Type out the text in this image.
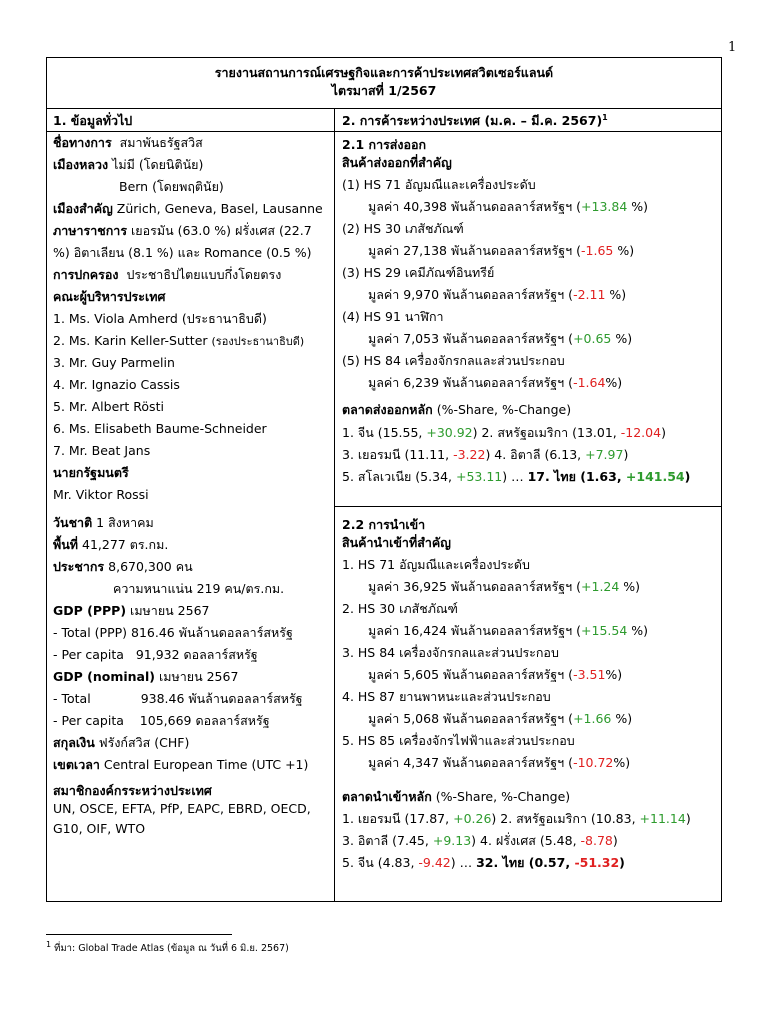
1
รายงานสถานการณ์เศรษฐกิจและการค้าประเทศสวิตเซอร์แลนด์
ไตรมาสที่ 1/2567
1. ข้อมูลทั่วไป	2. การค้าระหว่างประเทศ (ม.ค. – มี.ค. 2567)$^1$
ชื่อทางการ สมาพันธรัฐสวิส
เมืองหลวง ไม่มี (โดยนิตินัย)
Bern (โดยพฤตินัย)
เมืองสำคัญ Zürich, Geneva, Basel, Lausanne
ภาษาราชการ เยอรมัน (63.0 %) ฝรั่งเศส (22.7
%) อิตาเลียน (8.1 %) และ Romance (0.5 %)
การปกครอง ประชาธิปไตยแบบกึ่งโดยตรง
คณะผู้บริหารประเทศ
1. Ms. Viola Amherd (ประธานาธิบดี)
2. Ms. Karin Keller-Sutter (รองประธานาธิบดี)
3. Mr. Guy Parmelin
4. Mr. Ignazio Cassis
5. Mr. Albert Rösti
6. Ms. Elisabeth Baume-Schneider
7. Mr. Beat Jans
นายกรัฐมนตรี
Mr. Viktor Rossi
วันชาติ 1 สิงหาคม
พื้นที่ 41,277 ตร.กม.
ประชากร 8,670,300 คน
ความหนาแน่น 219 คน/ตร.กม.
GDP (PPP) เมษายน 2567
- Total (PPP) 816.46 พันล้านดอลลาร์สหรัฐ
- Per capita 91,932 ดอลลาร์สหรัฐ
GDP (nominal) เมษายน 2567
- Total	938.46 พันล้านดอลลาร์สหรัฐ
- Per capita 105,669 ดอลลาร์สหรัฐ
สกุลเงิน ฟรังก์สวิส (CHF)
เขตเวลา Central European Time (UTC +1)
สมาชิกองค์กรระหว่างประเทศ
UN, OSCE, EFTA, PfP, EAPC, EBRD, OECD,
G10, OIF, WTO
2.1 การส่งออก
สินค้าส่งออกที่สำคัญ
(1) HS 71 อัญมณีและเครื่องประดับ
มูลค่า 40,398 พันล้านดอลลาร์สหรัฐฯ (+13.84 %)
(2) HS 30 เภสัชภัณฑ์
มูลค่า 27,138 พันล้านดอลลาร์สหรัฐฯ (-1.65 %)
(3) HS 29 เคมีภัณฑ์อินทรีย์
มูลค่า 9,970 พันล้านดอลลาร์สหรัฐฯ (-2.11 %)
(4) HS 91 นาฬิกา
มูลค่า 7,053 พันล้านดอลลาร์สหรัฐฯ (+0.65 %)
(5) HS 84 เครื่องจักรกลและส่วนประกอบ
มูลค่า 6,239 พันล้านดอลลาร์สหรัฐฯ (-1.64%)
ตลาดส่งออกหลัก (%-Share, %-Change)
1. จีน (15.55, +30.92) 2. สหรัฐอเมริกา (13.01, -12.04)
3. เยอรมนี (11.11, -3.22) 4. อิตาลี (6.13, +7.97)
5. สโลเวเนีย (5.34, +53.11) … 17. ไทย (1.63, +141.54)
2.2 การนำเข้า
สินค้านำเข้าที่สำคัญ
1. HS 71 อัญมณีและเครื่องประดับ
มูลค่า 36,925 พันล้านดอลลาร์สหรัฐฯ (+1.24 %)
2. HS 30 เภสัชภัณฑ์
มูลค่า 16,424 พันล้านดอลลาร์สหรัฐฯ (+15.54 %)
3. HS 84 เครื่องจักรกลและส่วนประกอบ
มูลค่า 5,605 พันล้านดอลลาร์สหรัฐฯ (-3.51%)
4. HS 87 ยานพาหนะและส่วนประกอบ
มูลค่า 5,068 พันล้านดอลลาร์สหรัฐฯ (+1.66 %)
5. HS 85 เครื่องจักรไฟฟ้าและส่วนประกอบ
มูลค่า 4,347 พันล้านดอลลาร์สหรัฐฯ (-10.72%)
ตลาดนำเข้าหลัก (%-Share, %-Change)
1. เยอรมนี (17.87, +0.26) 2. สหรัฐอเมริกา (10.83, +11.14)
3. อิตาลี (7.45, +9.13) 4. ฝรั่งเศส (5.48, -8.78)
5. จีน (4.83, -9.42) … 32. ไทย (0.57, -51.32)
$^1$ ที่มา: Global Trade Atlas (ข้อมูล ณ วันที่ 6 มิ.ย. 2567)
